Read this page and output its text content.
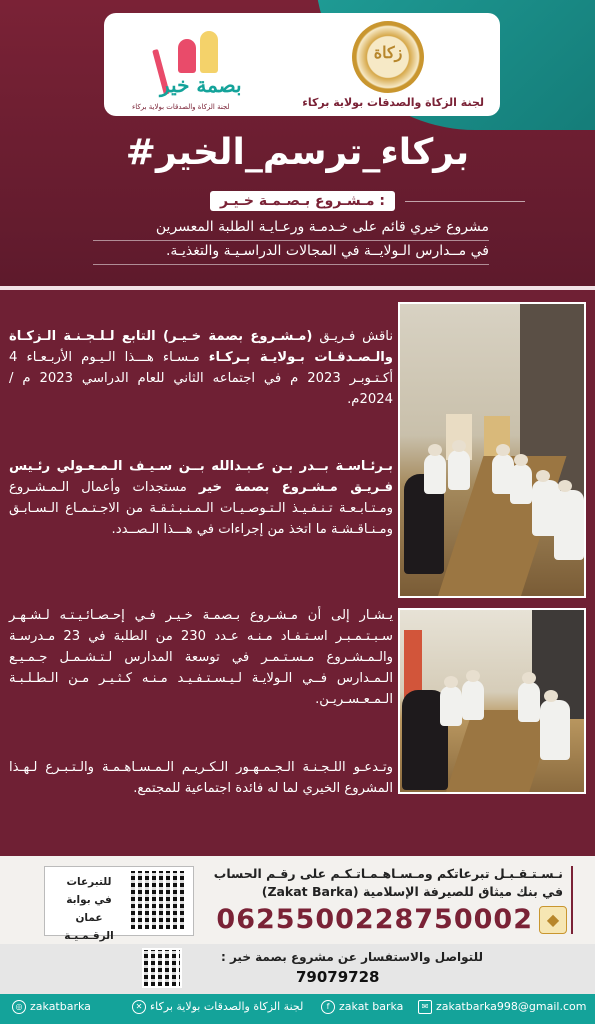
زكاة
لجنة الزكاة والصدقات بولاية بركاء
بصمة خير
لجنة الزكاة والصدقات بولاية بركاء
#بركاء_ترسم_الخير
مـشـروع بـصـمـة خـيـر :
مشروع خيري قائم على خـدمـة ورعـايـة الطلبة المعسرين
في مــدارس الـولايــة في المجالات الدراسـيـة والتغذيـة.
ناقش فـريـق (مـشـروع بصمة خـيـر) التابع لـلـجـنـة الـزكـاة والـصـدقـات بـولايـة بـركـاء مـسـاء هـــذا الـيـوم الأربـعـاء 4 أكـتـوبـر 2023 م في اجتماعه الثاني للعام الدراسي 2023 م / 2024م.
بـرئـاسـة بــدر بـن عـبـدالله بــن سـيـف الـمـعـولي رئـيس فـريـق مـشـروع بصمة خير مستجدات وأعمال الـمـشـروع ومـتـابـعـة تـنـفـيـذ الـتـوصـيـات الـمـنـبـثـقـة من الاجـتـمـاع الـسـابـق ومـنـاقـشـة ما اتخذ من إجراءات في هـــذا الـصــدد.
يـشـار إلى أن مـشـروع بـصمـة خـيـر فـي إحـصـائـيـتـه لـشـهـر سـبـتـمـبـر اسـتـفـاد مـنـه عـدد 230 من الطلبة في 23 مـدرسـة والـمـشـروع مـسـتـمـر في توسعة المدارس لـتـشـمـل جـمـيـع الـمـدارس فــي الـولايـة لـيـسـتـفـيـد مـنـه كـثـيـر مـن الـطـلـبـة الـمـعـسـريـن.
وتـدعـو اللـجـنـة الـجـمـهـور الـكـريـم الـمـسـاهـمـة والـتـبـرع لـهـذا المشروع الخيري لما له فائدة اجتماعية للمجتمع.
نـسـتـقـبـل تبرعاتكم ومـسـاهـمـاتـكـم على رقـم الحساب
في بنك ميثاق للصيرفة الإسلامية (Zakat Barka)
0625500228750002 ◆
للتبرعات في بوابة عمان الرقـمـيـة
للتواصل والاستفسار عن مشروع بصمة خير :
79079728
◎ zakatbarka	✕ لجنة الزكاة والصدقات بولاية بركاء	f zakat barka	✉ zakatbarka998@gmail.com
